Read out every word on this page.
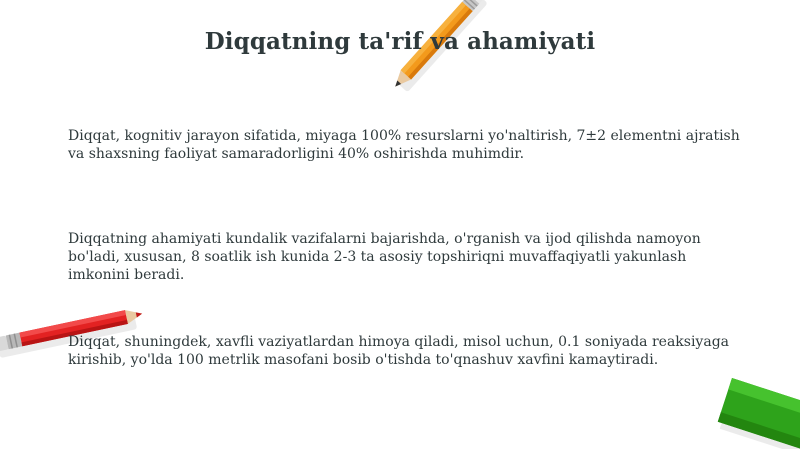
Diqqatning ta'rif va ahamiyati
Diqqat, kognitiv jarayon sifatida, miyaga 100% resurslarni yo'naltirish, 7±2 elementni ajratish va shaxsning faoliyat samaradorligini 40% oshirishda muhimdir.
Diqqatning ahamiyati kundalik vazifalarni bajarishda, o'rganish va ijod qilishda namoyon bo'ladi, xususan, 8 soatlik ish kunida 2-3 ta asosiy topshiriqni muvaffaqiyatli yakunlash imkonini beradi.
Diqqat, shuningdek, xavfli vaziyatlardan himoya qiladi, misol uchun, 0.1 soniyada reaksiyaga kirishib, yo'lda 100 metrlik masofani bosib o'tishda to'qnashuv xavfini kamaytiradi.
